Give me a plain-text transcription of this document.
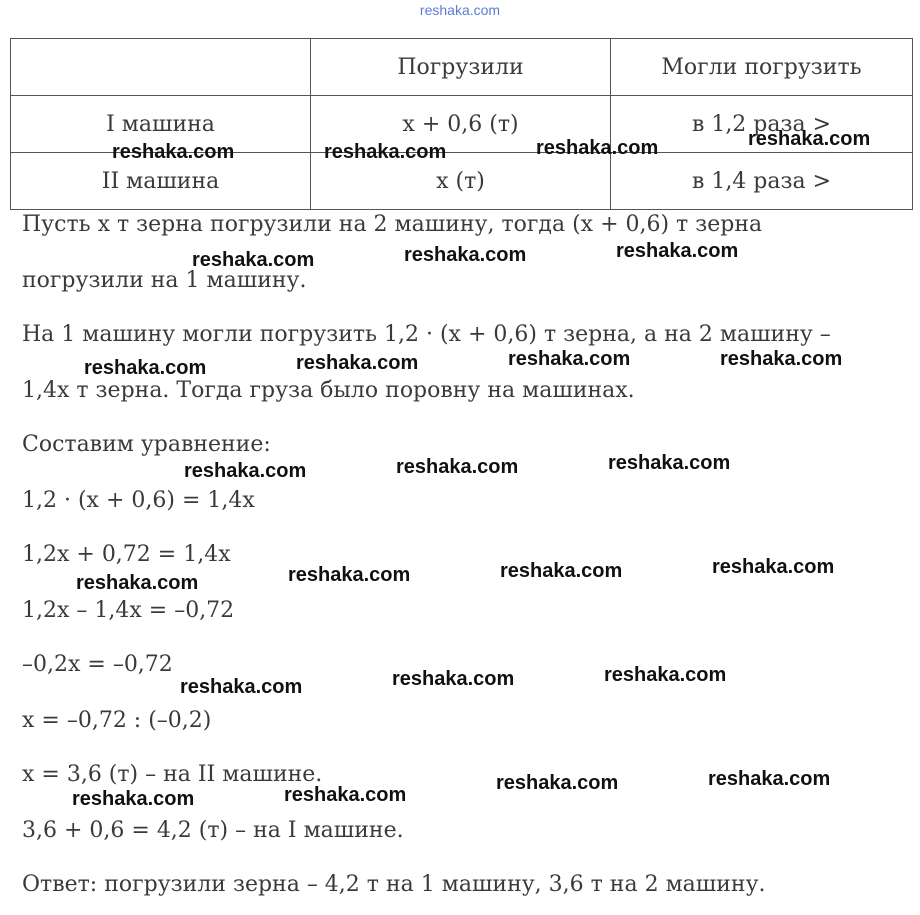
reshaka.com
	Погрузили	Могли погрузить
I машина	x + 0,6 (т)	в 1,2 раза >
II машина	x (т)	в 1,4 раза >
Пусть x т зерна погрузили на 2 машину, тогда (x + 0,6) т зерна
погрузили на 1 машину.
На 1 машину могли погрузить 1,2 · (x + 0,6) т зерна, а на 2 машину –
1,4x т зерна. Тогда груза было поровну на машинах.
Составим уравнение:
1,2 · (x + 0,6) = 1,4x
1,2x + 0,72 = 1,4x
1,2x – 1,4x = –0,72
–0,2x = –0,72
x = –0,72 : (–0,2)
x = 3,6 (т) – на II машине.
3,6 + 0,6 = 4,2 (т) – на I машине.
Ответ: погрузили зерна – 4,2 т на 1 машину, 3,6 т на 2 машину.
reshaka.com	reshaka.com	reshaka.com	reshaka.com
reshaka.com	reshaka.com	reshaka.com
reshaka.com	reshaka.com	reshaka.com	reshaka.com
reshaka.com	reshaka.com	reshaka.com
reshaka.com	reshaka.com	reshaka.com	reshaka.com
reshaka.com	reshaka.com	reshaka.com
reshaka.com	reshaka.com
reshaka.com	reshaka.com
